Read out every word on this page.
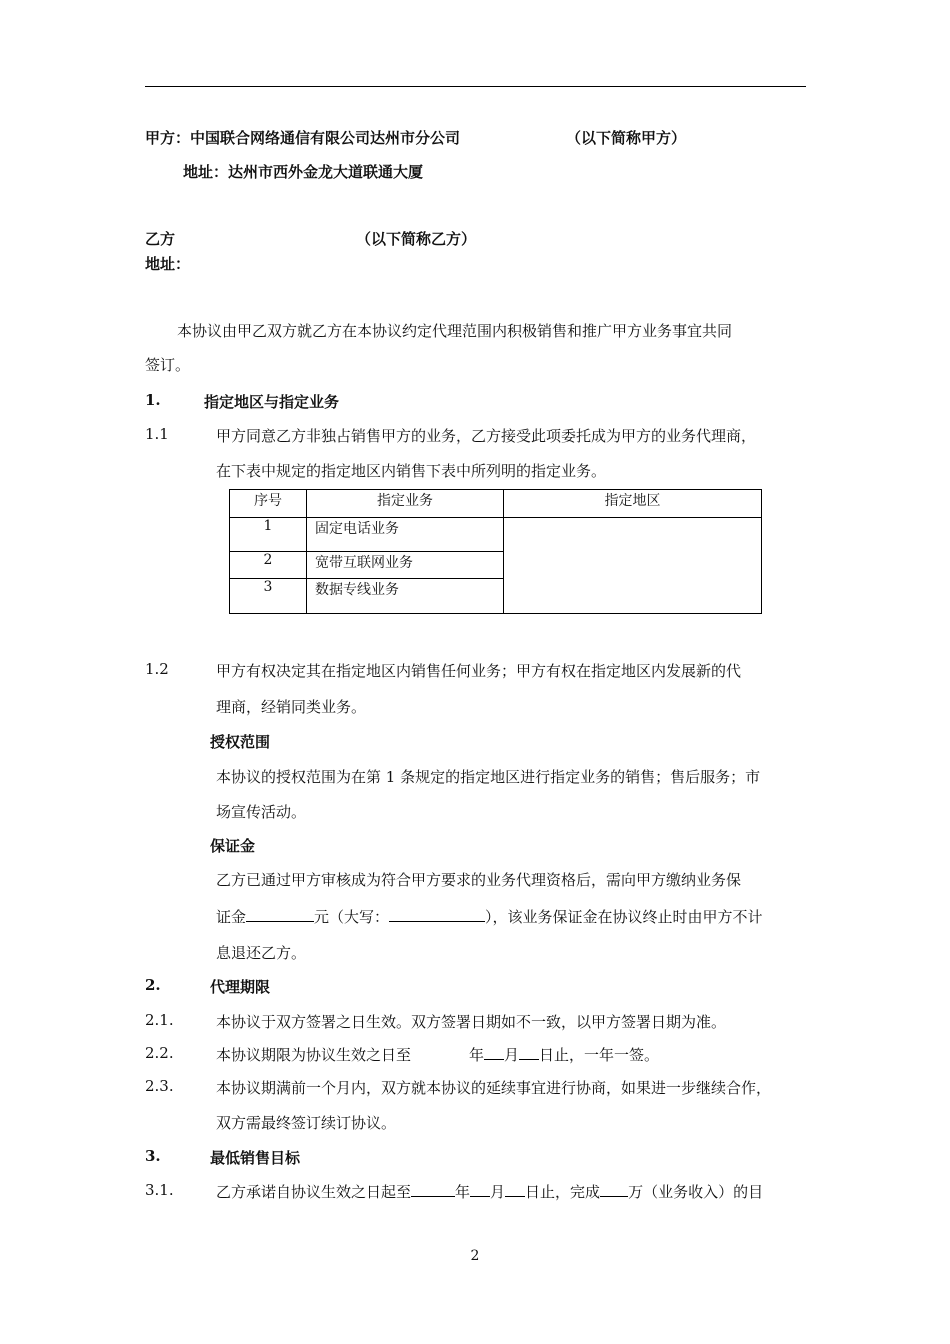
甲方：中国联合网络通信有限公司达州市分公司	（以下简称甲方）
地址：达州市西外金龙大道联通大厦
乙方	（以下简称乙方）
地址：
本协议由甲乙双方就乙方在本协议约定代理范围内积极销售和推广甲方业务事宜共同
签订。
1.	指定地区与指定业务
1.1	甲方同意乙方非独占销售甲方的业务，乙方接受此项委托成为甲方的业务代理商，
在下表中规定的指定地区内销售下表中所列明的指定业务。
序号	指定业务	指定地区
1	固定电话业务	
2	宽带互联网业务	
3	数据专线业务	
1.2	甲方有权决定其在指定地区内销售任何业务；甲方有权在指定地区内发展新的代
理商，经销同类业务。
授权范围
本协议的授权范围为在第 1 条规定的指定地区进行指定业务的销售；售后服务；市
场宣传活动。
保证金
乙方已通过甲方审核成为符合甲方要求的业务代理资格后，需向甲方缴纳业务保
证金	元（大写：	），该业务保证金在协议终止时由甲方不计
息退还乙方。
2.	代理期限
2.1.	本协议于双方签署之日生效。双方签署日期如不一致，以甲方签署日期为准。
2.2.	本协议期限为协议生效之日至	年 月 日止，一年一签。
2.3.	本协议期满前一个月内，双方就本协议的延续事宜进行协商，如果进一步继续合作，
双方需最终签订续订协议。
3.	最低销售目标
3.1.	乙方承诺自协议生效之日起至	年 月 日止，完成 万（业务收入）的目
2
